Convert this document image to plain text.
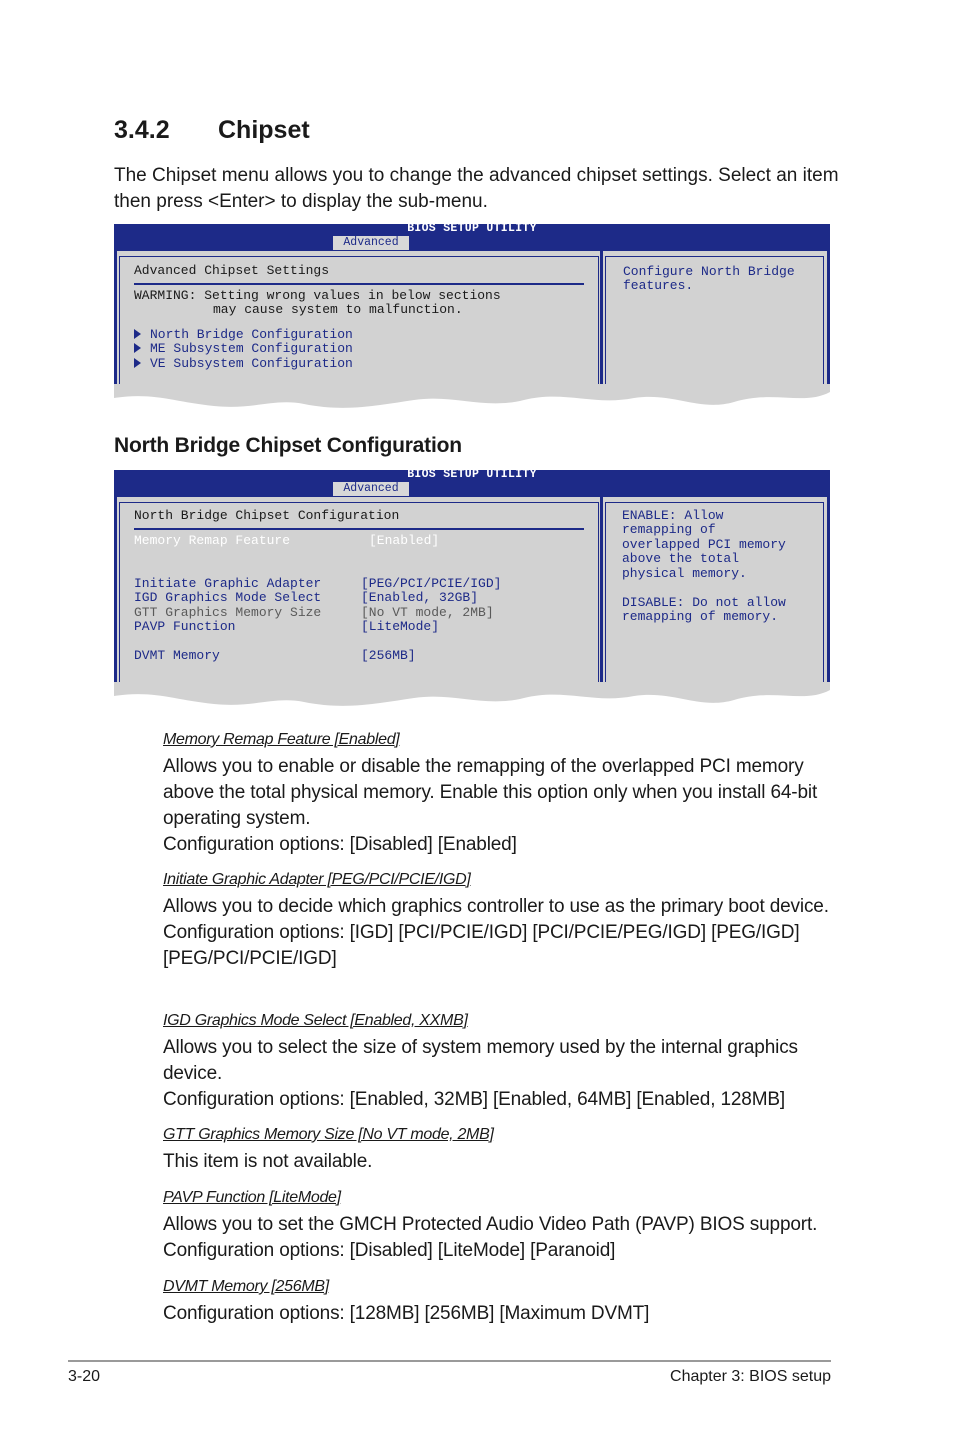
3.4.2 Chipset
The Chipset menu allows you to change the advanced chipset settings. Select an item then press <Enter> to display the sub-menu.
BIOS SETUP UTILITY
Advanced
Advanced Chipset Settings
WARMING: Setting wrong values in below sections
may cause system to malfunction.
North Bridge Configuration
ME Subsystem Configuration
VE Subsystem Configuration
Configure North Bridge
features.
North Bridge Chipset Configuration
BIOS SETUP UTILITY
Advanced
North Bridge Chipset Configuration
Memory Remap Feature	[Enabled]
Initiate Graphic Adapter	[PEG/PCI/PCIE/IGD]
IGD Graphics Mode Select	[Enabled, 32GB]
GTT Graphics Memory Size	[No VT mode, 2MB]
PAVP Function	[LiteMode]
DVMT Memory	[256MB]
ENABLE: Allow
remapping of
overlapped PCI memory
above the total
physical memory.
DISABLE: Do not allow
remapping of memory.
Memory Remap Feature [Enabled]
Allows you to enable or disable the remapping of the overlapped PCI memory above the total physical memory. Enable this option only when you install 64-bit operating system.
Configuration options: [Disabled] [Enabled]
Initiate Graphic Adapter [PEG/PCI/PCIE/IGD]
Allows you to decide which graphics controller to use as the primary boot device.
Configuration options: [IGD] [PCI/PCIE/IGD] [PCI/PCIE/PEG/IGD] [PEG/IGD] [PEG/PCI/PCIE/IGD]
IGD Graphics Mode Select [Enabled, XXMB]
Allows you to select the size of system memory used by the internal graphics device.
Configuration options: [Enabled, 32MB] [Enabled, 64MB] [Enabled, 128MB]
GTT Graphics Memory Size [No VT mode, 2MB]
This item is not available.
PAVP Function [LiteMode]
Allows you to set the GMCH Protected Audio Video Path (PAVP) BIOS support. Configuration options: [Disabled] [LiteMode] [Paranoid]
DVMT Memory [256MB]
Configuration options: [128MB] [256MB] [Maximum DVMT]
3-20	Chapter 3: BIOS setup
